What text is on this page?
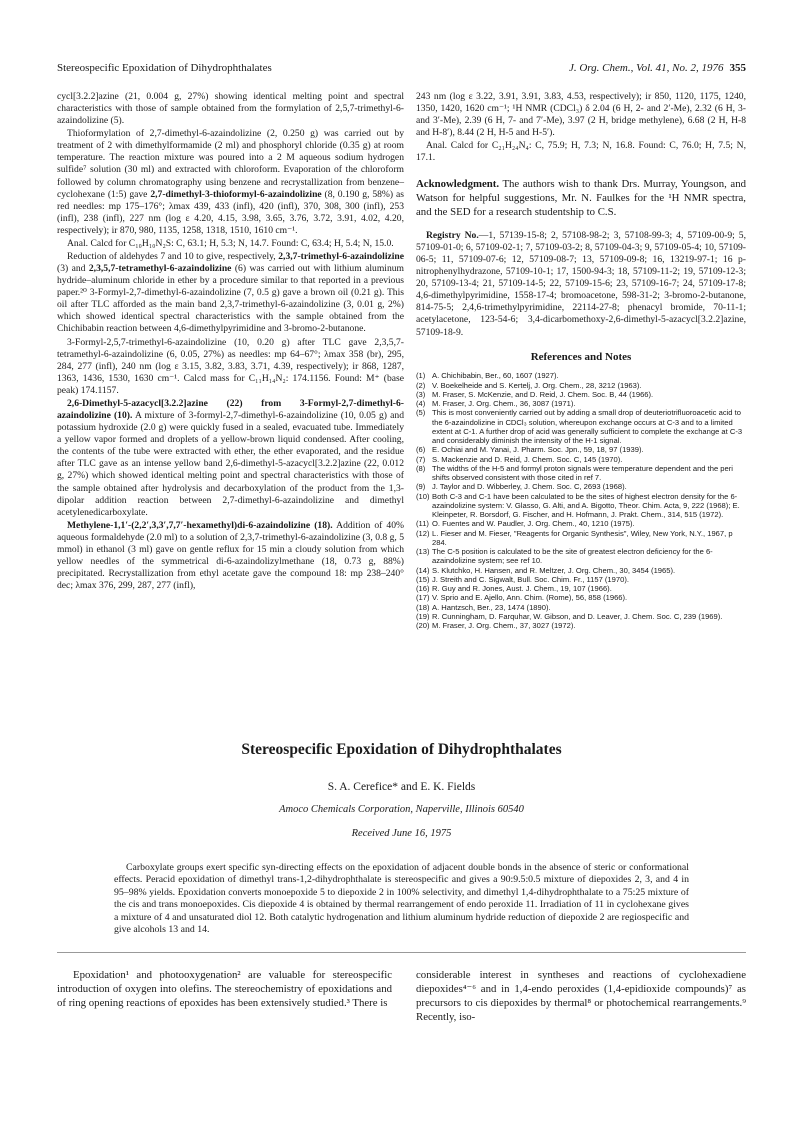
Stereospecific Epoxidation of Dihydrophthalates	J. Org. Chem., Vol. 41, No. 2, 1976 355

cycl[3.2.2]azine (21, 0.004 g, 27%) showing identical melting point and spectral characteristics with those of sample obtained from the formylation of 2,5,7-trimethyl-6-azaindolizine (5).

Thioformylation of 2,7-dimethyl-6-azaindolizine (2, 0.250 g) was carried out by treatment of 2 with dimethylformamide (2 ml) and phosphoryl chloride (0.35 g) at room temperature. The reaction mixture was poured into a 2 M aqueous sodium hydrogen sulfide⁷ solution (30 ml) and extracted with chloroform. Evaporation of the chloroform followed by column chromatography using benzene and recrystallization from benzene–cyclohexane (1:5) gave 2,7-dimethyl-3-thioformyl-6-azaindolizine (8, 0.190 g, 58%) as red needles: mp 175–176°; λmax 439, 433 (infl), 420 (infl), 370, 308, 300 (infl), 253 (infl), 238 (infl), 227 nm (log ε 4.20, 4.15, 3.98, 3.65, 3.76, 3.72, 3.91, 4.02, 4.20, respectively); ir 870, 980, 1135, 1258, 1318, 1510, 1610 cm⁻¹.

Anal. Calcd for C₁₀H₁₀N₂S: C, 63.1; H, 5.3; N, 14.7. Found: C, 63.4; H, 5.4; N, 15.0.

Reduction of aldehydes 7 and 10 to give, respectively, 2,3,7-trimethyl-6-azaindolizine (3) and 2,3,5,7-tetramethyl-6-azaindolizine (6) was carried out with lithium aluminum hydride–aluminum chloride in ether by a procedure similar to that reported in a previous paper.²⁰ 3-Formyl-2,7-dimethyl-6-azaindolizine (7, 0.5 g) gave a brown oil (0.21 g). This oil after TLC afforded as the main band 2,3,7-trimethyl-6-azaindolizine (3, 0.01 g, 2%) which showed identical spectral characteristics with the sample obtained from the Chichibabin reaction between 4,6-dimethylpyrimidine and 3-bromo-2-butanone.

3-Formyl-2,5,7-trimethyl-6-azaindolizine (10, 0.20 g) after TLC gave 2,3,5,7-tetramethyl-6-azaindolizine (6, 0.05, 27%) as needles: mp 64–67°; λmax 358 (br), 295, 284, 277 (infl), 240 nm (log ε 3.15, 3.82, 3.83, 3.71, 4.39, respectively); ir 868, 1287, 1363, 1436, 1530, 1630 cm⁻¹. Calcd mass for C₁₁H₁₄N₂: 174.1156. Found: M⁺ (base peak) 174.1157.

2,6-Dimethyl-5-azacycl[3.2.2]azine (22) from 3-Formyl-2,7-dimethyl-6-azaindolizine (10). A mixture of 3-formyl-2,7-dimethyl-6-azaindolizine (10, 0.05 g) and potassium hydroxide (2.0 g) were quickly fused in a sealed, evacuated tube. Immediately a yellow vapor formed and droplets of a yellow-brown liquid condensed. After cooling, the contents of the tube were extracted with ether, the ether evaporated, and the residue after TLC gave as an intense yellow band 2,6-dimethyl-5-azacycl[3.2.2]azine (22, 0.012 g, 27%) which showed identical melting point and spectral characteristics with those of the sample obtained after hydrolysis and decarboxylation of the product from the 1,3-dipolar addition reaction between 2,7-dimethyl-6-azaindolizine and dimethyl acetylenedicarboxylate.

Methylene-1,1′-(2,2′,3,3′,7,7′-hexamethyl)di-6-azaindolizine (18). Addition of 40% aqueous formaldehyde (2.0 ml) to a solution of 2,3,7-trimethyl-6-azaindolizine (3, 0.8 g, 5 mmol) in ethanol (3 ml) gave on gentle reflux for 15 min a cloudy solution from which yellow needles of the symmetrical di-6-azaindolizylmethane (18, 0.73 g, 88%) precipitated. Recrystallization from ethyl acetate gave the compound 18: mp 238–240° dec; λmax 376, 299, 287, 277 (infl),

243 nm (log ε 3.22, 3.91, 3.91, 3.83, 4.53, respectively); ir 850, 1120, 1175, 1240, 1350, 1420, 1620 cm⁻¹; ¹H NMR (CDCl₃) δ 2.04 (6 H, 2- and 2′-Me), 2.32 (6 H, 3- and 3′-Me), 2.39 (6 H, 7- and 7′-Me), 3.97 (2 H, bridge methylene), 6.68 (2 H, H-8 and H-8′), 8.44 (2 H, H-5 and H-5′).

Anal. Calcd for C₂₁H₂₄N₄: C, 75.9; H, 7.3; N, 16.8. Found: C, 76.0; H, 7.5; N, 17.1.

Acknowledgment. The authors wish to thank Drs. Murray, Youngson, and Watson for helpful suggestions, Mr. N. Faulkes for the ¹H NMR spectra, and the SED for a research studentship to C.S.

Registry No.—1, 57139-15-8; 2, 57108-98-2; 3, 57108-99-3; 4, 57109-00-9; 5, 57109-01-0; 6, 57109-02-1; 7, 57109-03-2; 8, 57109-04-3; 9, 57109-05-4; 10, 57109-06-5; 11, 57109-07-6; 12, 57109-08-7; 13, 57109-09-8; 16, 13219-97-1; 16 p-nitrophenylhydrazone, 57109-10-1; 17, 1500-94-3; 18, 57109-11-2; 19, 57109-12-3; 20, 57109-13-4; 21, 57109-14-5; 22, 57109-15-6; 23, 57109-16-7; 24, 57109-17-8; 4,6-dimethylpyrimidine, 1558-17-4; bromoacetone, 598-31-2; 3-bromo-2-butanone, 814-75-5; 2,4,6-trimethylpyrimidine, 22114-27-8; phenacyl bromide, 70-11-1; acetylacetone, 123-54-6; 3,4-dicarbomethoxy-2,6-dimethyl-5-azacycl[3.2.2]azine, 57109-18-9.

References and Notes
(1) A. Chichibabin, Ber., 60, 1607 (1927).
(2) V. Boekelheide and S. Kertelj, J. Org. Chem., 28, 3212 (1963).
(3) M. Fraser, S. McKenzie, and D. Reid, J. Chem. Soc. B, 44 (1966).
(4) M. Fraser, J. Org. Chem., 36, 3087 (1971).
(5) This is most conveniently carried out by adding a small drop of deuteriotrifluoroacetic acid to the 6-azaindolizine in CDCl₃ solution, whereupon exchange occurs at C-3 and to a limited extent at C-1. A further drop of acid was generally sufficient to complete the exchange at C-3 and considerably diminish the intensity of the H-1 signal.
(6) E. Ochiai and M. Yanai, J. Pharm. Soc. Jpn., 59, 18, 97 (1939).
(7) S. Mackenzie and D. Reid, J. Chem. Soc. C, 145 (1970).
(8) The widths of the H-5 and formyl proton signals were temperature dependent and the peri shifts observed consistent with those cited in ref 7.
(9) J. Taylor and D. Wibberley, J. Chem. Soc. C, 2693 (1968).
(10) Both C-3 and C-1 have been calculated to be the sites of highest electron density for the 6-azaindolizine system: V. Glasso, G. Alti, and A. Bigotto, Theor. Chim. Acta, 9, 222 (1968); E. Kleinpeter, R. Borsdorf, G. Fischer, and H. Hofmann, J. Prakt. Chem., 314, 515 (1972).
(11) O. Fuentes and W. Paudler, J. Org. Chem., 40, 1210 (1975).
(12) L. Fieser and M. Fieser, "Reagents for Organic Synthesis", Wiley, New York, N.Y., 1967, p 284.
(13) The C-5 position is calculated to be the site of greatest electron deficiency for the 6-azaindolizine system; see ref 10.
(14) S. Klutchko, H. Hansen, and R. Meltzer, J. Org. Chem., 30, 3454 (1965).
(15) J. Streith and C. Sigwalt, Bull. Soc. Chim. Fr., 1157 (1970).
(16) R. Guy and R. Jones, Aust. J. Chem., 19, 107 (1966).
(17) V. Sprio and E. Ajello, Ann. Chim. (Rome), 56, 858 (1966).
(18) A. Hantzsch, Ber., 23, 1474 (1890).
(19) R. Cunningham, D. Farquhar, W. Gibson, and D. Leaver, J. Chem. Soc. C, 239 (1969).
(20) M. Fraser, J. Org. Chem., 37, 3027 (1972).
Stereospecific Epoxidation of Dihydrophthalates
S. A. Cerefice* and E. K. Fields
Amoco Chemicals Corporation, Naperville, Illinois 60540
Received June 16, 1975
Carboxylate groups exert specific syn-directing effects on the epoxidation of adjacent double bonds in the absence of steric or conformational effects. Peracid epoxidation of dimethyl trans-1,2-dihydrophthalate is stereospecific and gives a 90:9.5:0.5 mixture of diepoxides 2, 3, and 4 in 95–98% yields. Epoxidation converts monoepoxide 5 to diepoxide 2 in 100% selectivity, and dimethyl 1,4-dihydrophthalate to a 75:25 mixture of the cis and trans monoepoxides. Cis diepoxide 4 is obtained by thermal rearrangement of endo peroxide 11. Irradiation of 11 in cyclohexane gives a mixture of 4 and unsaturated diol 12. Both catalytic hydrogenation and lithium aluminum hydride reduction of diepoxide 2 are regiospecific and give alcohols 13 and 14.
Epoxidation¹ and photooxygenation² are valuable for stereospecific introduction of oxygen into olefins. The stereochemistry of epoxidations and of ring opening reactions of epoxides has been extensively studied.³ There is
considerable interest in syntheses and reactions of cyclohexadiene diepoxides⁴⁻⁶ and in 1,4-endo peroxides (1,4-epidioxide compounds)⁷ as precursors to cis diepoxides by thermal⁸ or photochemical rearrangements.⁹ Recently, iso-
